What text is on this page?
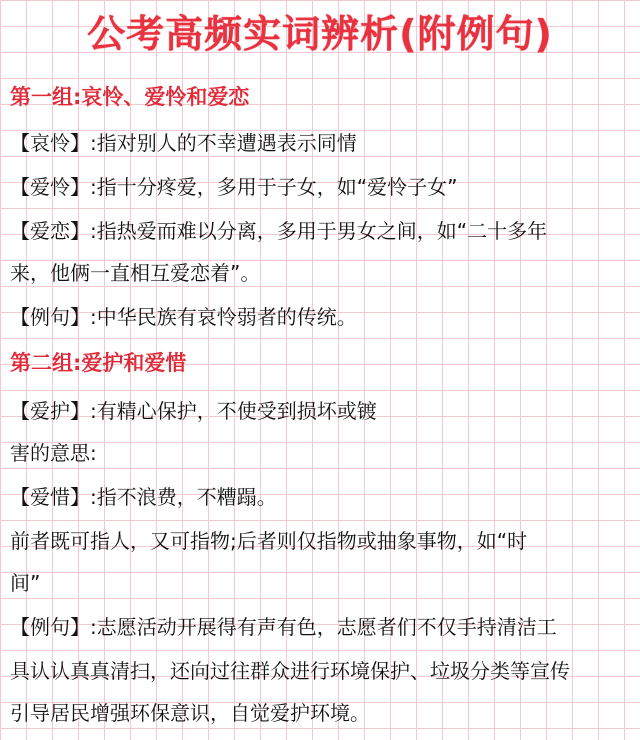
公考高频实词辨析(附例句)
第一组:哀怜、爱怜和爱恋
【哀怜】:指对别人的不幸遭遇表示同情
【爱怜】:指十分疼爱，多用于子女，如“爱怜子女”
【爱恋】:指热爱而难以分离，多用于男女之间，如“二十多年
来，他俩一直相互爱恋着”。
【例句】:中华民族有哀怜弱者的传统。
第二组:爱护和爱惜
【爱护】:有精心保护，不使受到损坏或镀
害的意思:
【爱惜】:指不浪费，不糟蹋。
前者既可指人，又可指物;后者则仅指物或抽象事物，如“时
间”
【例句】:志愿活动开展得有声有色，志愿者们不仅手持清洁工
具认认真真清扫，还向过往群众进行环境保护、垃圾分类等宣传
引导居民增强环保意识，自觉爱护环境。
